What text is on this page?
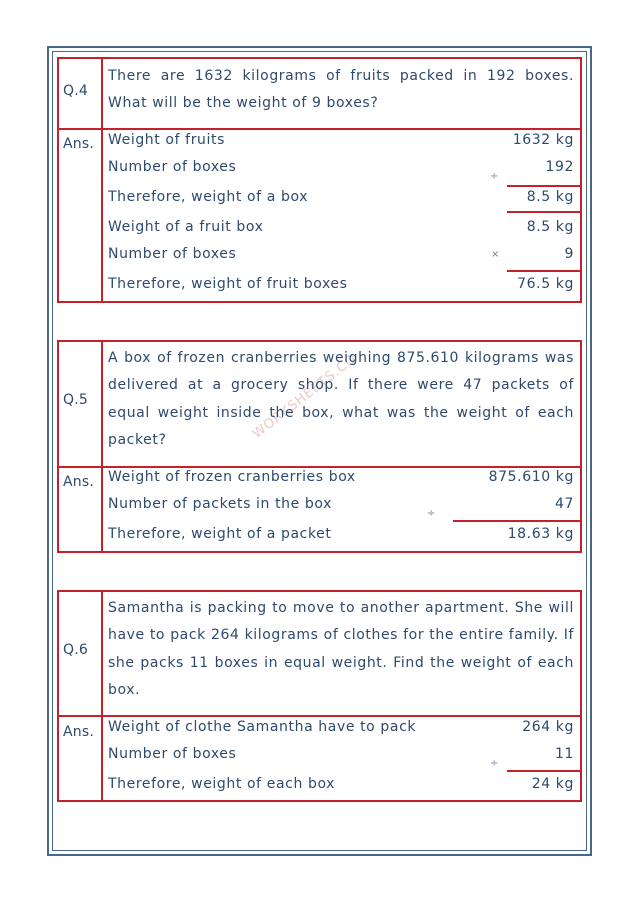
WORKSHEETS.CO
Q.4
There are 1632 kilograms of fruits packed in 192 boxes. What will be the weight of 9 boxes?
Ans. Weight of fruits	1632 kg
Number of boxes	192
÷
Therefore, weight of a box	8.5 kg
Weight of a fruit box	8.5 kg
Number of boxes	9
×
Therefore, weight of fruit boxes	76.5 kg
Q.5
A box of frozen cranberries weighing 875.610 kilograms was delivered at a grocery shop. If there were 47 packets of equal weight inside the box, what was the weight of each packet?
Ans. Weight of frozen cranberries box	875.610 kg
Number of packets in the box	47
÷
Therefore, weight of a packet	18.63 kg
Q.6
Samantha is packing to move to another apartment. She will have to pack 264 kilograms of clothes for the entire family. If she packs 11 boxes in equal weight. Find the weight of each box.
Ans. Weight of clothe Samantha have to pack	264 kg
Number of boxes	11
÷
Therefore, weight of each box	24 kg
